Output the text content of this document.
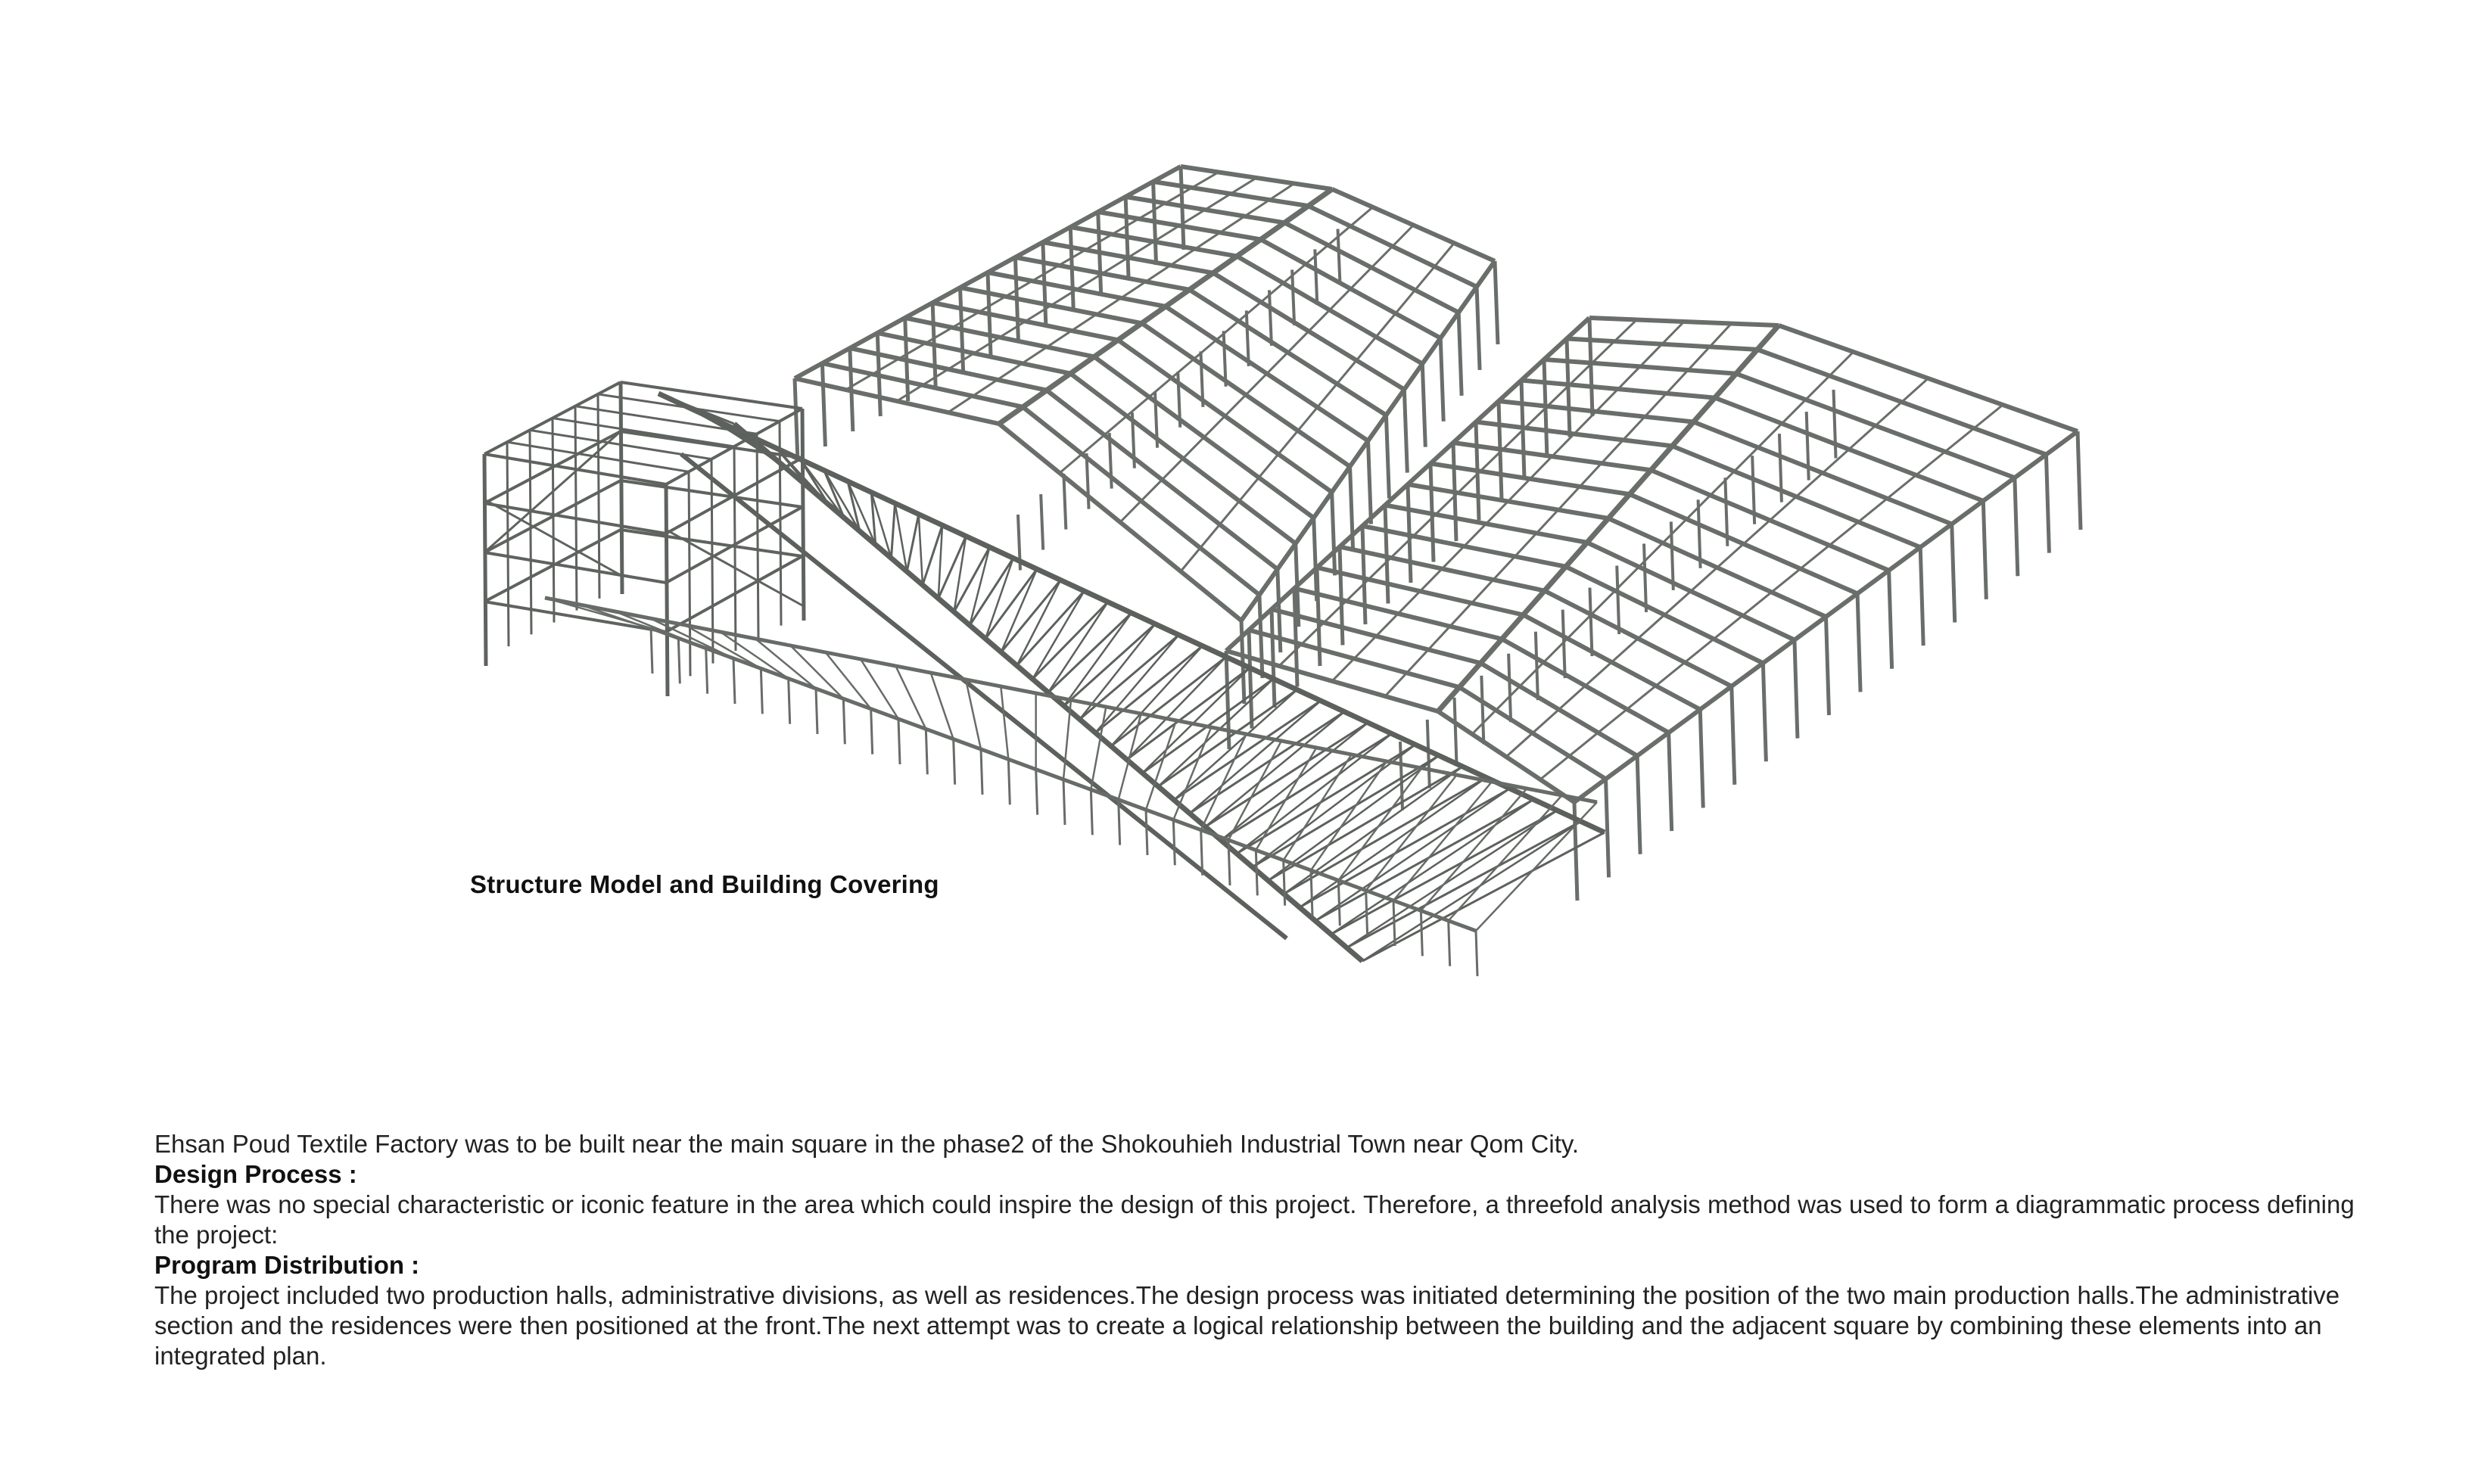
Structure Model and Building Covering

Ehsan Poud Textile Factory was to be built near the main square in the phase2 of the Shokouhieh Industrial Town near Qom City.

Design Process :

There was no special characteristic or iconic feature in the area which could inspire the design of this project. Therefore, a threefold analysis method was used to form a diagrammatic process defining the project:

Program Distribution :

The project included two production halls, administrative divisions, as well as residences.The design process was initiated determining the position of the two main production halls.The administrative section and the residences were then positioned at the front.The next attempt was to create a logical relationship between the building and the adjacent square by combining these elements into an integrated plan.
